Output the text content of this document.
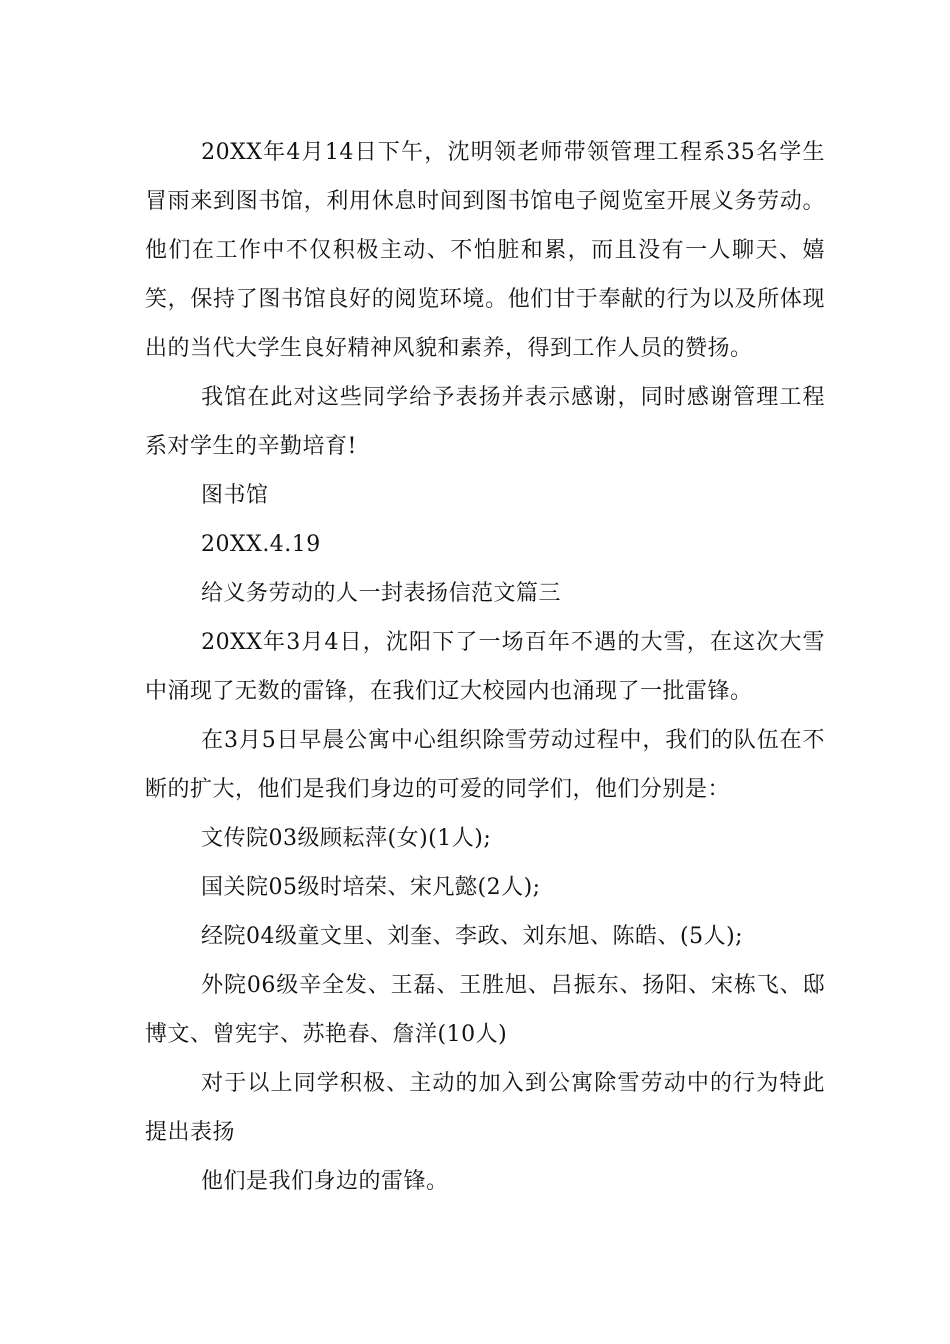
20XX年4月14日下午，沈明领老师带领管理工程系35名学生冒雨来到图书馆，利用休息时间到图书馆电子阅览室开展义务劳动。他们在工作中不仅积极主动、不怕脏和累，而且没有一人聊天、嬉笑，保持了图书馆良好的阅览环境。他们甘于奉献的行为以及所体现出的当代大学生良好精神风貌和素养，得到工作人员的赞扬。

我馆在此对这些同学给予表扬并表示感谢，同时感谢管理工程系对学生的辛勤培育!

图书馆

20XX.4.19

给义务劳动的人一封表扬信范文篇三

20XX年3月4日，沈阳下了一场百年不遇的大雪，在这次大雪中涌现了无数的雷锋，在我们辽大校园内也涌现了一批雷锋。

在3月5日早晨公寓中心组织除雪劳动过程中，我们的队伍在不断的扩大，他们是我们身边的可爱的同学们，他们分别是：

文传院03级顾耘萍(女)(1人);

国关院05级时培荣、宋凡懿(2人);

经院04级童文里、刘奎、李政、刘东旭、陈皓、(5人);

外院06级辛全发、王磊、王胜旭、吕振东、扬阳、宋栋飞、邸博文、曾宪宇、苏艳春、詹洋(10人)

对于以上同学积极、主动的加入到公寓除雪劳动中的行为特此提出表扬

他们是我们身边的雷锋。
